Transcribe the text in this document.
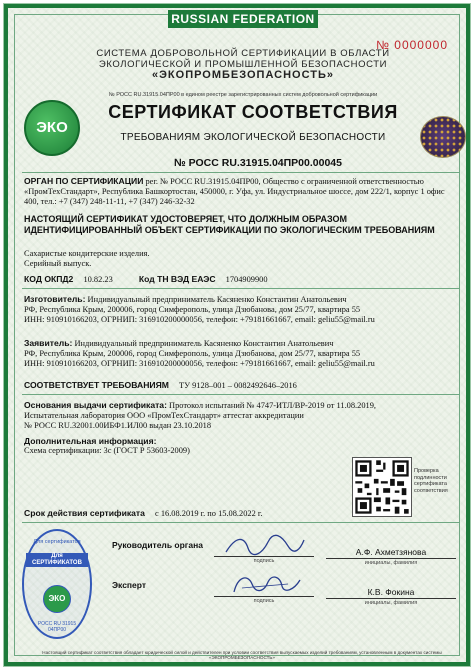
RUSSIAN FEDERATION
№ 0000000
СИСТЕМА ДОБРОВОЛЬНОЙ СЕРТИФИКАЦИИ В ОБЛАСТИ
ЭКОЛОГИЧЕСКОЙ И ПРОМЫШЛЕННОЙ БЕЗОПАСНОСТИ
«ЭКОПРОМБЕЗОПАСНОСТЬ»
№ РОСС RU.31915.04ПР00 в едином реестре зарегистрированных систем добровольной сертификации
ЭКО
СЕРТИФИКАТ СООТВЕТСТВИЯ
ТРЕБОВАНИЯМ ЭКОЛОГИЧЕСКОЙ БЕЗОПАСНОСТИ
№ РОСС RU.31915.04ПР00.00045
ОРГАН ПО СЕРТИФИКАЦИИ рег. № РОСС RU.31915.04ПР00, Общество с ограниченной ответственностью «ПромТехСтандарт», Республика Башкортостан, 450000, г. Уфа, ул. Индустриальное шоссе, дом 222/1, корпус 1 офис 400, тел.: +7 (347) 248-11-11, +7 (347) 246-32-32
НАСТОЯЩИЙ СЕРТИФИКАТ УДОСТОВЕРЯЕТ, ЧТО ДОЛЖНЫМ ОБРАЗОМ ИДЕНТИФИЦИРОВАННЫЙ ОБЪЕКТ СЕРТИФИКАЦИИ ПО ЭКОЛОГИЧЕСКИМ ТРЕБОВАНИЯМ
Сахаристые кондитерские изделия.
Серийный выпуск.
КОД ОКПД2 10.82.23	Код ТН ВЭД ЕАЭС 1704909900
Изготовитель: Индивидуальный предприниматель Касяненко Константин Анатольевич
РФ, Республика Крым, 200006, город Симферополь, улица Дзюбанова, дом 25/77, квартира 55
ИНН: 910910166203, ОГРНИП: 316910200000056, телефон: +79181661667, email: geliu55@mail.ru
Заявитель: Индивидуальный предприниматель Касяненко Константин Анатольевич
РФ, Республика Крым, 200006, город Симферополь, улица Дзюбанова, дом 25/77, квартира 55
ИНН: 910910166203, ОГРНИП: 316910200000056, телефон: +79181661667, email: geliu55@mail.ru
СООТВЕТСТВУЕТ ТРЕБОВАНИЯМ ТУ 9128–001 – 0082492646–2016
Основания выдачи сертификата: Протокол испытаний № 4747-ИТЛ/ВР-2019 от 11.08.2019,
Испытательная лаборатория ООО «ПромТехСтандарт» аттестат аккредитации
№ РОСС RU.32001.00ИБФ1.ИЛ00 выдан 23.10.2018
Дополнительная информация:
Схема сертификации: 3с (ГОСТ Р 53603-2009)
Проверка подлинности сертификата соответствия
Срок действия сертификата с 16.08.2019 г. по 15.08.2022 г.
Для сертификатов
Для СЕРТИФИКАТОВ
ЭКО
РОСС RU 31915 04ПР00
Руководитель органа
подпись
А.Ф. Ахметзянова
инициалы, фамилия
Эксперт
подпись
К.В. Фокина
инициалы, фамилия
Настоящий сертификат соответствия обладает юридической силой и действителен при условии соответствия выпускаемых изделий требованиям, установленным в документах системы «ЭКОПРОМБЕЗОПАСНОСТЬ»
